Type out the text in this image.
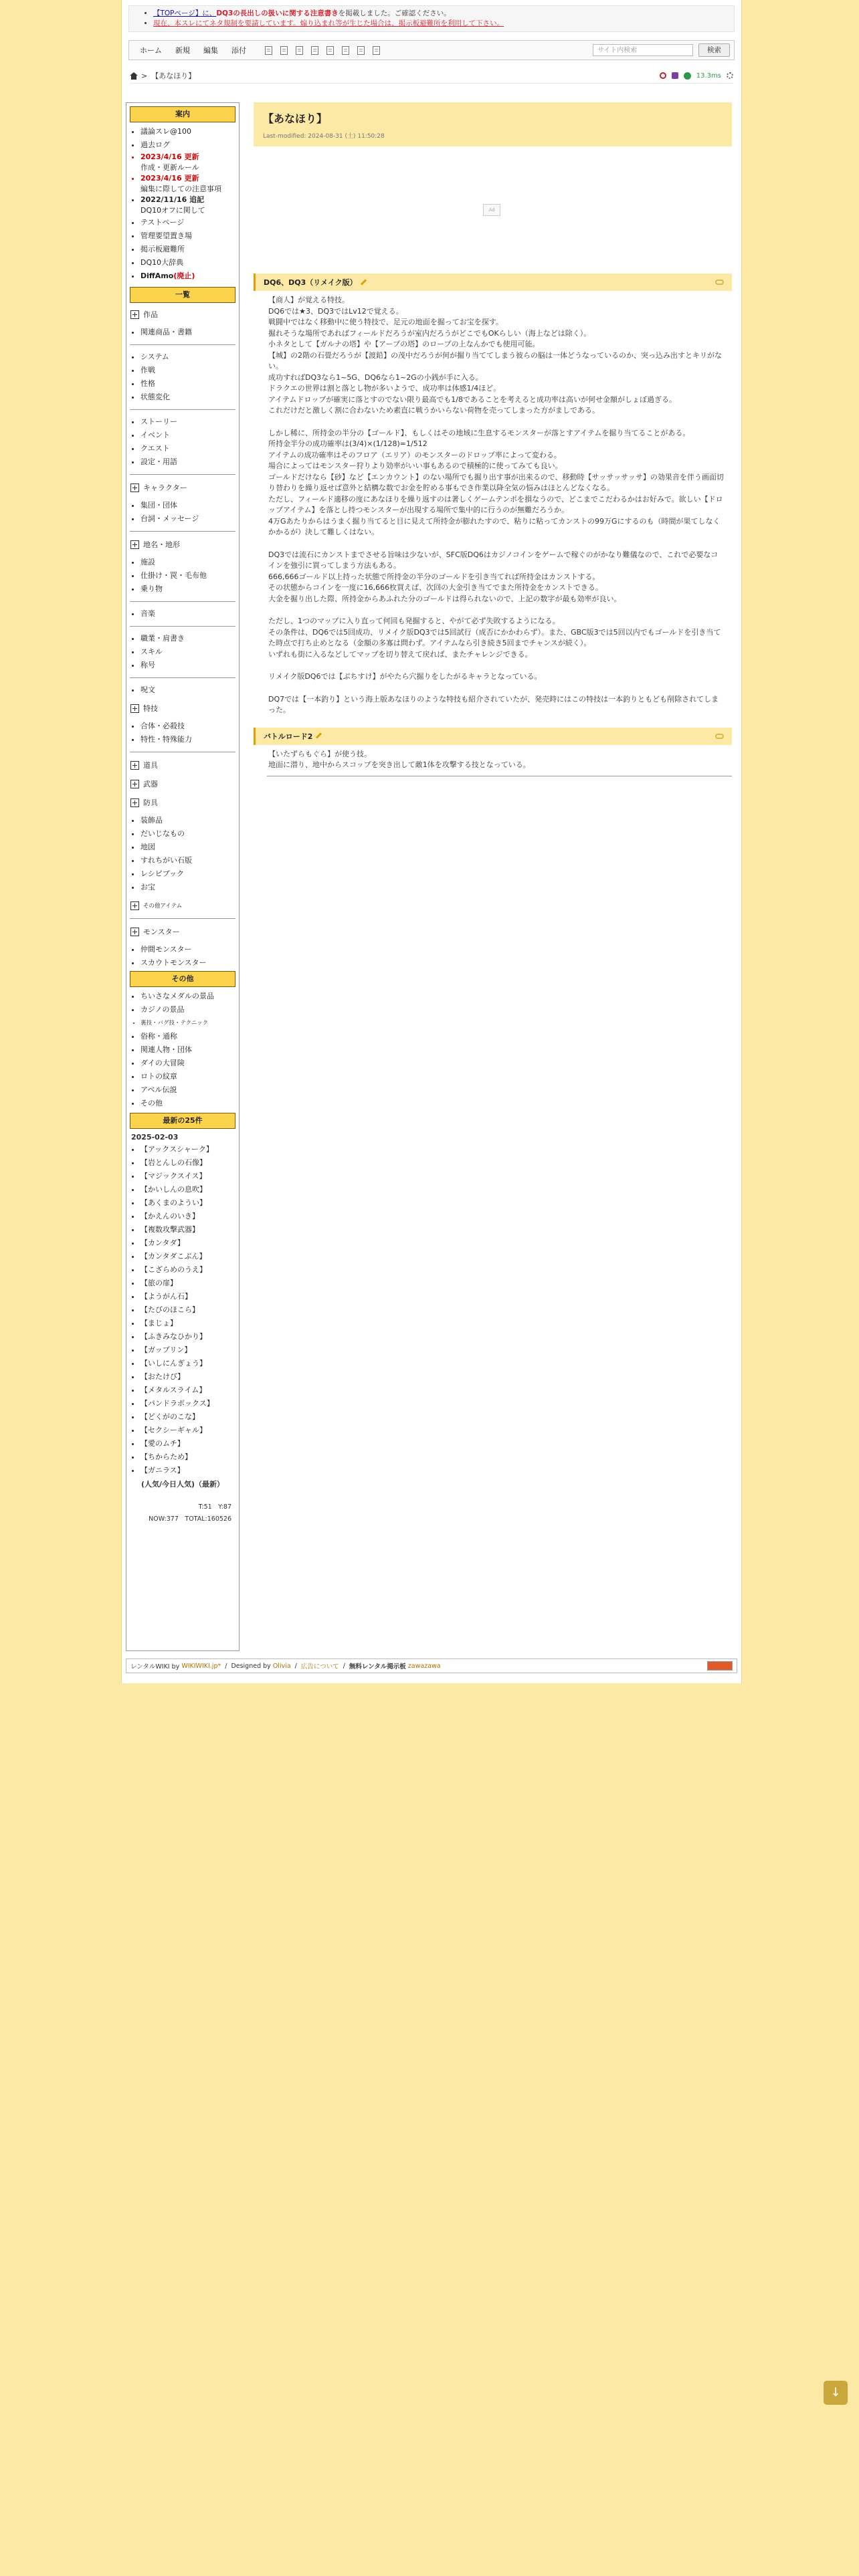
• 【TOPページ】に、DQ3の長出しの扱いに関する注意書きを掲載しました。ご確認ください。
• 現在、本スレにてネタ規制を要請しています。煽り込まれ等が生じた場合は、掲示板避難所を利用して下さい。
ホーム	新規	編集	添付	サイト内検索	検索
> 【あなほり】	13.3ms
案内
• 議論スレ@100
• 過去ログ
• 2023/4/16 更新
作成・更新ルール
• 2023/4/16 更新
編集に際しての注意事項
• 2022/11/16 追記
DQ10オフに関して
• テストページ
• 管理要望置き場
• 掲示板避難所
• DQ10大辞典
• DiffAmo(廃止)
一覧
作品
• 関連商品・書籍
• システム
• 作戦
• 性格
• 状態変化
• ストーリー
• イベント
• クエスト
• 設定・用語
キャラクター
• 集団・団体
• 台詞・メッセージ
地名・地形
• 施設
• 仕掛け・罠・毛布他
• 乗り物
• 音楽
• 職業・肩書き
• スキル
• 称号
• 呪文
特技
• 合体・必殺技
• 特性・特殊能力
道具
武器
防具
• 装飾品
• だいじなもの
• 地図
• すれちがい石版
• レシピブック
• お宝
その他アイテム
モンスター
• 仲間モンスター
• スカウトモンスター
その他
• ちいさなメダルの景品
• カジノの景品
• 裏技・バグ技・テクニック
• 俗称・通称
• 関連人物・団体
• ダイの大冒険
• ロトの紋章
• アベル伝説
• その他
最新の25件
2025-02-03
• 【アックスシャーク】
• 【岩とんしの石像】
• 【マジックスイス】
• 【かいしんの息吹】
• 【あくまのようい】
• 【かえんのいき】
• 【複数攻撃武器】
• 【カンタダ】
• 【カンタダこぶん】
• 【こざらめのうえ】
• 【旅の扉】
• 【ようがん石】
• 【たびのほこら】
• 【まじょ】
• 【ふきみなひかり】
• 【ガップリン】
• 【いしにんぎょう】
• 【おたけび】
• 【メタルスライム】
• 【パンドラボックス】
• 【どくがのこな】
• 【セクシーギャル】
• 【愛のムチ】
• 【ちからため】
• 【ガニラス】
(人気/今日人気)（最新）
T:51　Y:87
NOW:377　TOTAL:160526
【あなほり】
Last-modified: 2024-08-31 (土) 11:50:28
Ad
DQ6、DQ3（リメイク版）

【商人】が覚える特技。
DQ6では★3、DQ3ではLv12で覚える。
戦闘中ではなく移動中に使う特技で、足元の地面を掘ってお宝を探す。
掘れそうな場所であればフィールドだろうが室内だろうがどこでもOKらしい（海上などは除く）。
小ネタとして【ガルナの塔】や【アープの塔】のロープの上なんかでも使用可能。
【城】の2階の石畳だろうが【渡鉛】の茂中だろうが何が掘り当ててしまう彼らの脳は一体どうなっているのか、突っ込み出すとキリがない。
成功すればDQ3なら1~5G、DQ6なら1~2Gの小銭が手に入る。
ドラクエの世界は割と落とし物が多いようで、成功率は体感1/4ほど。
アイテムドロップが確実に落とすのでない限り最高でも1/8であることを考えると成功率は高いが何せ金額がしょぼ過ぎる。
これだけだと激しく割に合わないため素直に戦うかいらない荷物を売ってしまった方がましである。

しかし稀に、所持金の半分の【ゴールド】、もしくはその地域に生息するモンスターが落とすアイテムを掘り当てることがある。
所持金半分の成功確率は(3/4)×(1/128)=1/512
アイテムの成功確率はそのフロア（エリア）のモンスターのドロップ率によって変わる。
場合によってはモンスター狩りより効率がいい事もあるので積極的に使ってみても良い。
ゴールドだけなら【砂】など【エンカウント】のない場所でも掘り出す事が出来るので、移動時【サッサッサッサ】の効果音を伴う画面切り替わりを繰り返せば意外と結構な数でお金を貯める事もでき作業以降全気の悩みはほとんどなくなる。
ただし、フィールド適移の度にあなほりを繰り返すのは著しくゲームテンポを損なうので、どこまでこだわるかはお好みで。欲しい【ドロップアイテム】を落とし持つモンスターが出現する場所で集中的に行うのが無難だろうか。
4万Gあたりからはうまく掘り当てると目に見えて所持金が膨れたすので、粘りに粘ってカンストの99万Gにするのも（時間が果てしなくかかるが）決して難しくはない。

DQ3では流石にカンストまでさせる旨味は少ないが、SFC版DQ6はカジノコインをゲームで稼ぐのがかなり難儀なので、これで必要なコインを強引に買ってしまう方法もある。
666,666ゴールド以上持った状態で所持金の半分のゴールドを引き当てれば所持金はカンストする。
その状態からコインを一度に16,666枚買えば、次回の大金引き当てでまた所持金をカンストできる。
大金を掘り出した際、所持金からあふれた分のゴールドは得られないので、上記の数字が最も効率が良い。

ただし、1つのマップに入り直って何回も発掘すると、やがて必ず失敗するようになる。
その条件は、DQ6では5回成功、リメイク版DQ3では5回試行（成否にかかわらず）。また、GBC版3では5回以内でもゴールドを引き当てた時点で打ち止めとなる（金額の多寡は問わず。アイテムなら引き続き5回までチャンスが続く）。
いずれも街に入るなどしてマップを切り替えて戻れば、またチャレンジできる。

リメイク版DQ6では【ぶちすけ】がやたら穴掘りをしたがるキャラとなっている。

DQ7では【一本釣り】という海上版あなほりのような特技も紹介されていたが、発売時にはこの特技は一本釣りともども削除されてしまった。

バトルロード2

【いたずらもぐら】が使う技。
地面に潜り、地中からスコップを突き出して敵1体を攻撃する技となっている。

レンタルWIKI by
WIKIWIKI.jp* / Designed by
Olivia / 広告について / 無料レンタル掲示板
zawazawa
↓
